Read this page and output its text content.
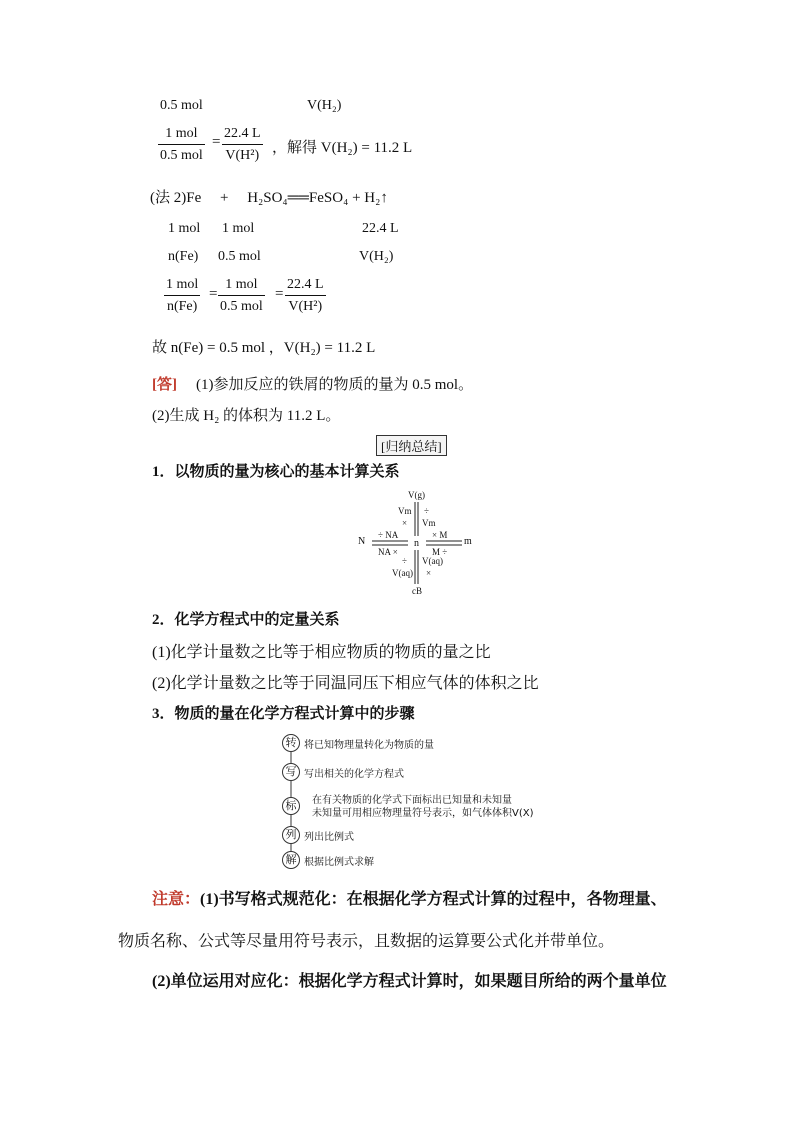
0.5 mol	V(H₂)
1 mol
0.5 mol
= $\frac{22.4 L}{\text{V(H²)}}$ ，解得 V(H₂) = 11.2 L
(法 2)Fe　 +　 H₂SO₄══FeSO₄ + H₂↑
1 mol 1 mol	22.4 L
n(Fe) 0.5 mol	V(H₂)
1 mol
n(Fe)
=
1 mol
0.5 mol
= $\frac{22.4 L}{\text{V(H²)}}$
故 n(Fe) = 0.5 mol ，V(H₂) = 11.2 L
[答] (1)参加反应的铁屑的物质的量为 0.5 mol。
(2)生成 H₂ 的体积为 11.2 L。
[归纳总结]
1．以物质的量为核心的基本计算关系
V(g)
Vm
×
÷
Vm
N
÷ NA
NA ×
n
× M
M ÷
m
÷
V(aq)
V(aq)
×
cB
2．化学方程式中的定量关系
(1)化学计量数之比等于相应物质的物质的量之比
(2)化学计量数之比等于同温同压下相应气体的体积之比
3．物质的量在化学方程式计算中的步骤
转 将已知物理量转化为物质的量
写 写出相关的化学方程式
标	在有关物质的化学式下面标出已知量和未知量
未知量可用相应物理量符号表示，如气体体积V(X)
列 列出比例式
解 根据比例式求解
注意：(1)书写格式规范化：在根据化学方程式计算的过程中，各物理量、
物质名称、公式等尽量用符号表示，且数据的运算要公式化并带单位。
(2)单位运用对应化：根据化学方程式计算时，如果题目所给的两个量单位
